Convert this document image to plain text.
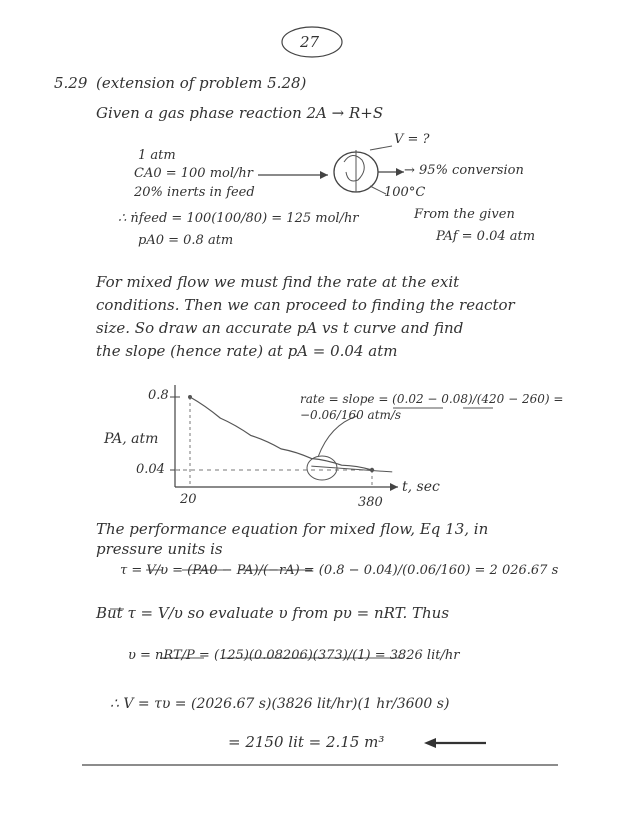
27
5.29 (extension of problem 5.28)
Given a gas phase reaction 2A → R+S
1 atm
CA0 = 100 mol/hr
20% inerts in feed
V = ?
→ 95% conversion
100°C
∴ ṅfeed = 100(100/80) = 125 mol/hr
pA0 = 0.8 atm
From the given
PAf = 0.04 atm
For mixed flow we must find the rate at the exit
conditions. Then we can proceed to finding the reactor
size. So draw an accurate pA vs t curve and find
the slope (hence rate) at pA = 0.04 atm
0.8
0.04
PA, atm
20	380
t, sec
rate = slope = (0.02 − 0.08)/(420 − 260) = −0.06/160 atm/s
The performance equation for mixed flow, Eq 13, in
pressure units is
τ = V/υ = (PA0 − PA)/(−rA) = (0.8 − 0.04)/(0.06/160) = 2 026.67 s
But τ = V/υ so evaluate υ from pυ = nRT. Thus
υ = nRT/P = (125)(0.08206)(373)/(1) = 3826 lit/hr
∴ V = τυ = (2026.67 s)(3826 lit/hr)(1 hr/3600 s)
= 2150 lit = 2.15 m³
